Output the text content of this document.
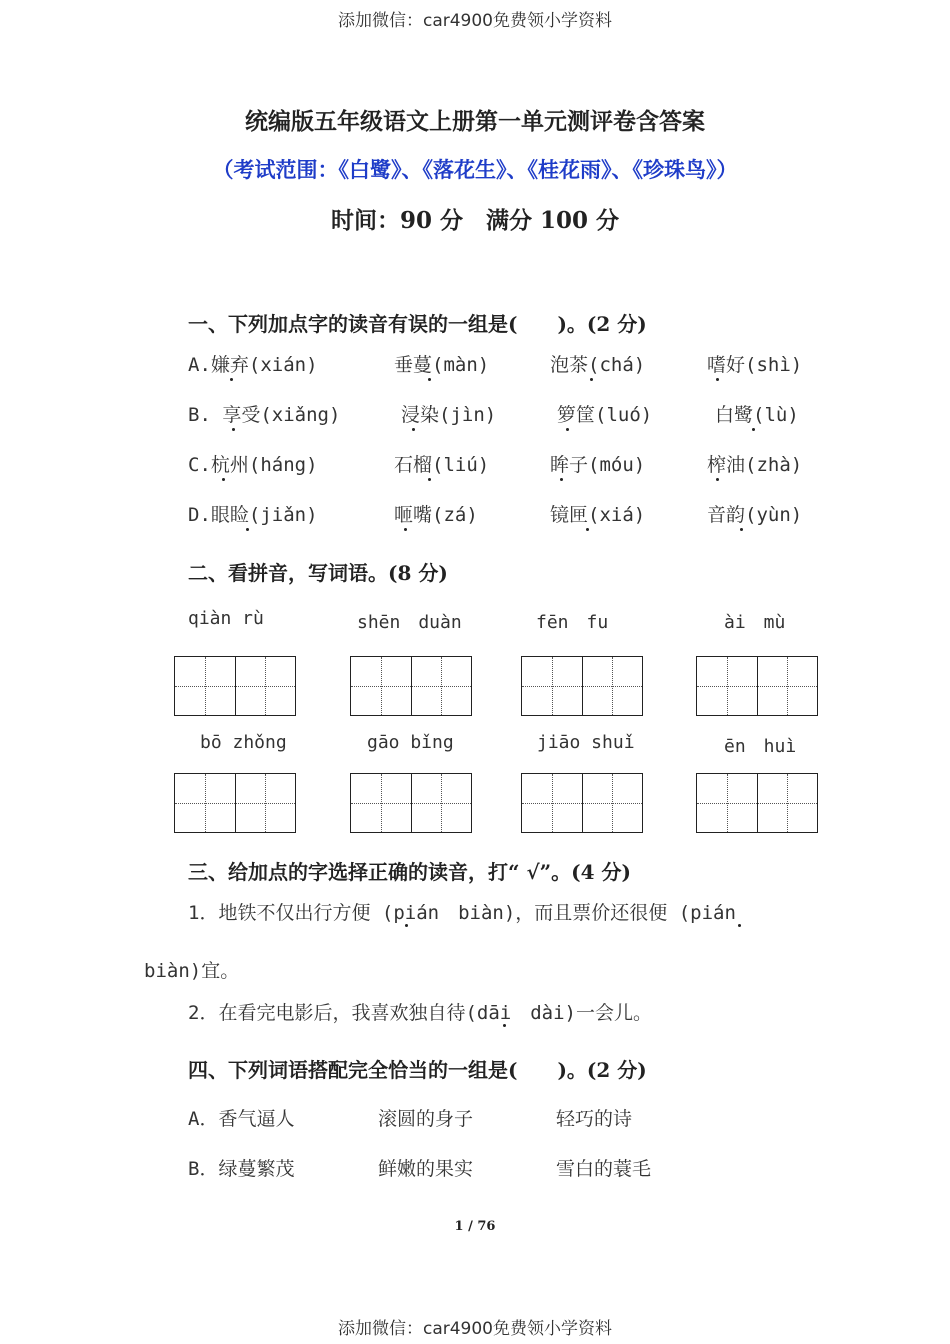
添加微信：car4900免费领小学资料
统编版五年级语文上册第一单元测评卷含答案
（考试范围：《白鹭》、《落花生》、《桂花雨》、《珍珠鸟》）
时间：90 分　满分 100 分
一、下列加点字的读音有误的一组是(　　)。(2 分)
A.嫌弃(xián)	垂蔓(màn)	泡茶(chá)	嗜好(shì)
B. 享受(xiǎng)	浸染(jìn)	箩筐(luó)	白鹭(lù)
C.杭州(háng)	石榴(liú)	眸子(móu)	榨油(zhà)
D.眼睑(jiǎn)	咂嘴(zá)	镜匣(xiá)	音韵(yùn)
二、看拼音，写词语。(8 分)
qiàn rù	shēn　duàn	fēn　fu	ài　mù
bō zhǒng	gāo bǐng	jiāo shuǐ	ēn　huì
三、给加点的字选择正确的读音，打“ √”。(4 分)
1．地铁不仅出行方便 (pián　biàn)，而且票价还很便 (pián
biàn)宜。
2．在看完电影后，我喜欢独自待(dāi　dài)一会儿。
四、下列词语搭配完全恰当的一组是(　　)。(2 分)
A．香气逼人	滚圆的身子	轻巧的诗
B．绿蔓繁茂	鲜嫩的果实	雪白的蓑毛
1 / 76
添加微信：car4900免费领小学资料
